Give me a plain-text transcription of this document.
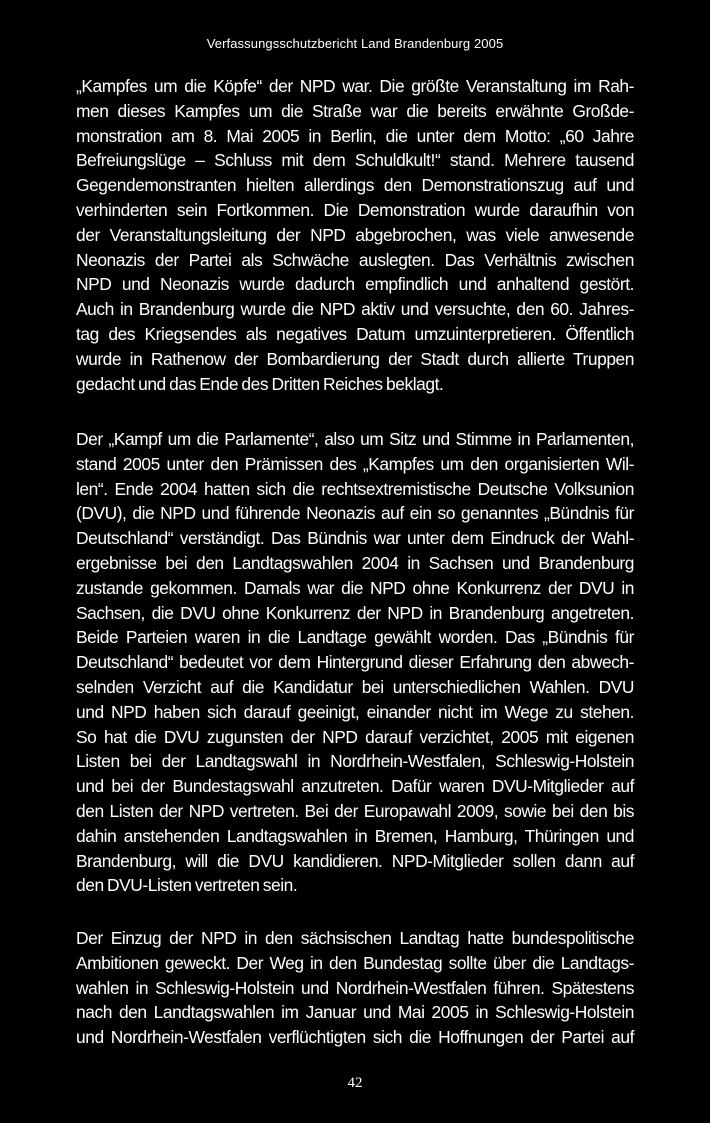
Verfassungsschutzbericht Land Brandenburg 2005

„Kampfes um die Köpfe“ der NPD war. Die größte Veranstaltung im Rah-
men dieses Kampfes um die Straße war die bereits erwähnte Großde-
monstration am 8. Mai 2005 in Berlin, die unter dem Motto: „60 Jahre
Befreiungslüge – Schluss mit dem Schuldkult!“ stand. Mehrere tausend
Gegendemonstranten hielten allerdings den Demonstrationszug auf und
verhinderten sein Fortkommen. Die Demonstration wurde daraufhin von
der Veranstaltungsleitung der NPD abgebrochen, was viele anwesende
Neonazis der Partei als Schwäche auslegten. Das Verhältnis zwischen
NPD und Neonazis wurde dadurch empfindlich und anhaltend gestört.
Auch in Brandenburg wurde die NPD aktiv und versuchte, den 60. Jahres-
tag des Kriegsendes als negatives Datum umzuinterpretieren. Öffentlich
wurde in Rathenow der Bombardierung der Stadt durch allierte Truppen
gedacht und das Ende des Dritten Reiches beklagt.

Der „Kampf um die Parlamente“, also um Sitz und Stimme in Parlamenten,
stand 2005 unter den Prämissen des „Kampfes um den organisierten Wil-
len“. Ende 2004 hatten sich die rechtsextremistische Deutsche Volksunion
(DVU), die NPD und führende Neonazis auf ein so genanntes „Bündnis für
Deutschland“ verständigt. Das Bündnis war unter dem Eindruck der Wahl-
ergebnisse bei den Landtagswahlen 2004 in Sachsen und Brandenburg
zustande gekommen. Damals war die NPD ohne Konkurrenz der DVU in
Sachsen, die DVU ohne Konkurrenz der NPD in Brandenburg angetreten.
Beide Parteien waren in die Landtage gewählt worden. Das „Bündnis für
Deutschland“ bedeutet vor dem Hintergrund dieser Erfahrung den abwech-
selnden Verzicht auf die Kandidatur bei unterschiedlichen Wahlen. DVU
und NPD haben sich darauf geeinigt, einander nicht im Wege zu stehen.
So hat die DVU zugunsten der NPD darauf verzichtet, 2005 mit eigenen
Listen bei der Landtagswahl in Nordrhein-Westfalen, Schleswig-Holstein
und bei der Bundestagswahl anzutreten. Dafür waren DVU-Mitglieder auf
den Listen der NPD vertreten. Bei der Europawahl 2009, sowie bei den bis
dahin anstehenden Landtagswahlen in Bremen, Hamburg, Thüringen und
Brandenburg, will die DVU kandidieren. NPD-Mitglieder sollen dann auf
den DVU-Listen vertreten sein.

Der Einzug der NPD in den sächsischen Landtag hatte bundespolitische
Ambitionen geweckt. Der Weg in den Bundestag sollte über die Landtags-
wahlen in Schleswig-Holstein und Nordrhein-Westfalen führen. Spätestens
nach den Landtagswahlen im Januar und Mai 2005 in Schleswig-Holstein
und Nordrhein-Westfalen verflüchtigten sich die Hoffnungen der Partei auf

42
